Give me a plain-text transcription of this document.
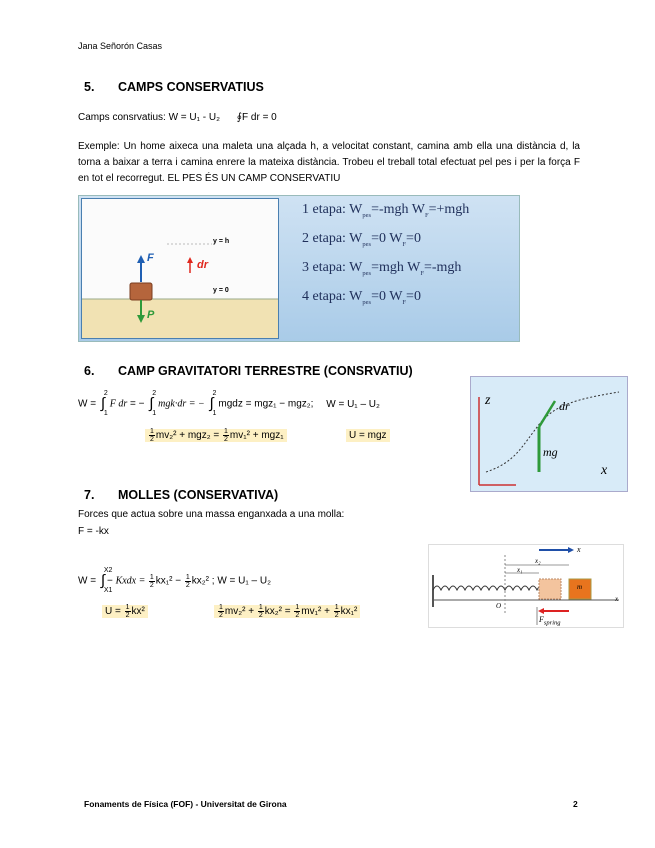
Jana Señorón Casas
5. CAMPS CONSERVATIUS
Camps consrvatius: W = U₁ - U₂ ∮F dr = 0
Exemple: Un home aixeca una maleta una alçada h, a velocitat constant, camina amb ella una distància d, la torna a baixar a terra i camina enrere la mateixa distància. Trobeu el treball total efectuat pel pes i per la força F en tot el recorregut. EL PES ÉS UN CAMP CONSERVATIU
y = h
y = 0
F
dr
P
1 etapa: $W_{pes}=$-mgh $W_F=+mgh$
2 etapa: $W_{pes}=0$ $W_F=0$
3 etapa: $W_{pes}=mgh$ $W_F=$-mgh
4 etapa: $W_{pes}=0$ $W_F=0$
6. CAMP GRAVITATORI TERRESTRE (CONSRVATIU)
W = ∫
2
1
F dr = − ∫
2
1
mgk·dr = − ∫
2
1
mgdz = mgz₁ − mgz₂; W = U₁ – U₂
$\frac{1}{2} mv_2^2 + mgz_2 = \frac{1}{2} mv_1^2 + mgz_1$	U = mgz
z	dr
mg
x
7. MOLLES (CONSERVATIVA)
Forces que actua sobre una massa enganxada a una molla:
F = -kx
W = ∫
X2
X1
− Kxdx = $\frac{1}{2} kx_1^2 - \frac{1}{2} kx_2^2$ ; W = U₁ – U₂
$U = \frac{1}{2} kx^2$	$\frac{1}{2} mv_2^2 + \frac{1}{2} kx_2^2 = \frac{1}{2} mv_1^2 + \frac{1}{2} kx_1^2$
x
x₂
x₁
m
O
x
$F_{spring}$
Fonaments de Física (FOF) - Universitat de Girona	2
